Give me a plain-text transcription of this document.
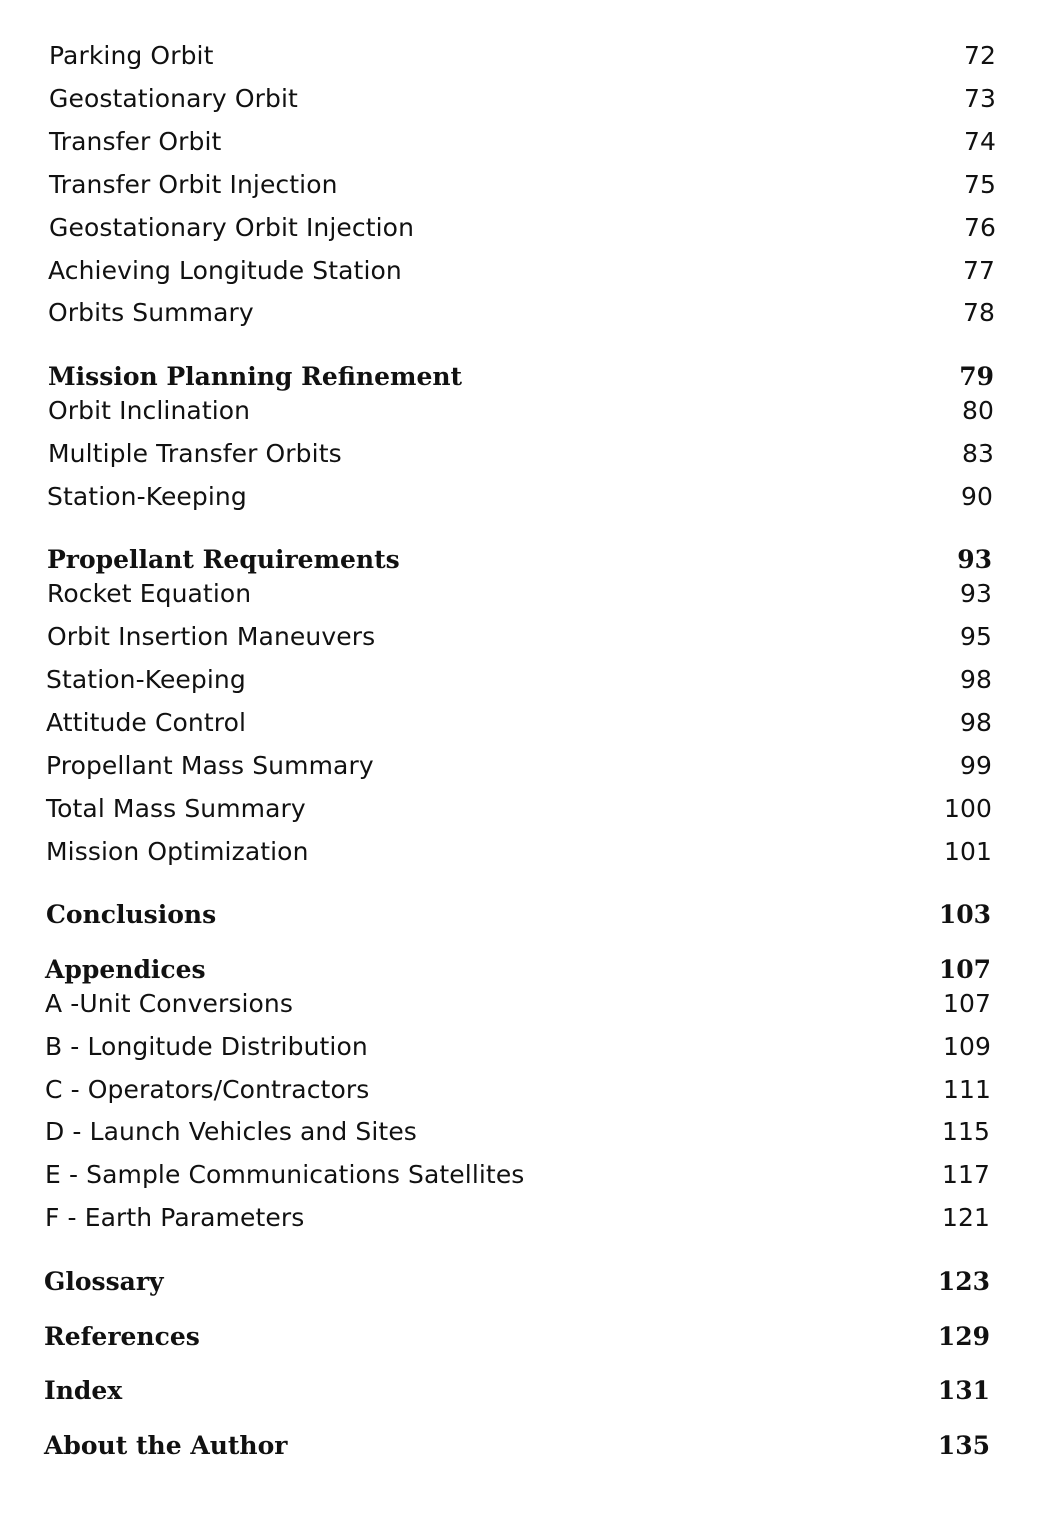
Parking Orbit	72
Geostationary Orbit	73
Transfer Orbit	74
Transfer Orbit Injection	75
Geostationary Orbit Injection	76
Achieving Longitude Station	77
Orbits Summary	78
Mission Planning Refinement	79
Orbit Inclination	80
Multiple Transfer Orbits	83
Station-Keeping	90
Propellant Requirements	93
Rocket Equation	93
Orbit Insertion Maneuvers	95
Station-Keeping	98
Attitude Control	98
Propellant Mass Summary	99
Total Mass Summary	100
Mission Optimization	101
Conclusions	103
Appendices	107
A -Unit Conversions	107
B - Longitude Distribution	109
C - Operators/Contractors	111
D - Launch Vehicles and Sites	115
E - Sample Communications Satellites	117
F - Earth Parameters	121
Glossary	123
References	129
Index	131
About the Author	135
